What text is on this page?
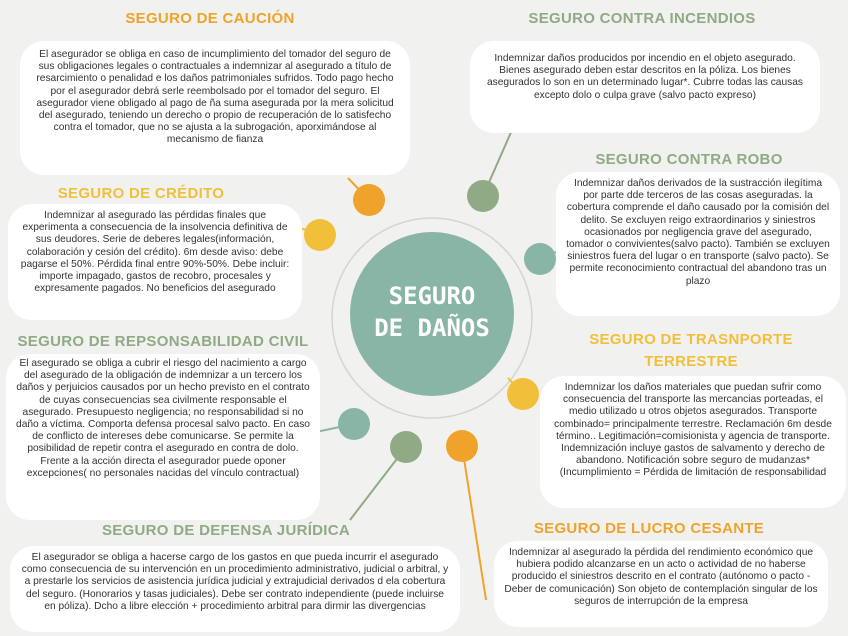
SEGURO
DE DAÑOS
SEGURO DE CAUCIÓN
El asegurador se obliga en caso de incumplimiento del tomador del seguro de sus obligaciones legales o contractuales a indemnizar al asegurado a título de resarcimiento o penalidad e los daños patrimoniales sufridos. Todo pago hecho por el asegurador debrá serle reembolsado por el tomador del seguro. El asegurador viene obligado al pago de ña suma asegurada por la mera solicitud del asegurado, teniendo un derecho o propio de recuperación de lo satisfecho contra el tomador, que no se ajusta a la subrogación, aporximándose al mecanismo de fianza
SEGURO CONTRA INCENDIOS
Indemnizar daños producidos por incendio en el objeto asegurado. Bienes asegurado deben estar descritos en la póliza. Los bienes asegurados lo son en un determinado lugar*. Cubrre todas las causas excepto dolo o culpa grave (salvo pacto expreso)
SEGURO DE CRÉDITO
Indemnizar al asegurado las pérdidas finales que experimenta a consecuencia de la insolvencia definitiva de sus deudores. Serie de deberes legales(información, colaboración y cesión del crédito). 6m desde aviso: debe pagarse el 50%. Pérdida final entre 90%-50%. Debe incluir: importe impagado, gastos de recobro, procesales y expresamente pagados. No beneficios del asegurado
SEGURO CONTRA ROBO
Indemnizar daños derivados de la sustracción ilegítima por parte dde terceros de las cosas aseguradas. la cobertura comprende el daño causado por la comisión del delito. Se excluyen reigo extraordinarios y siniestros ocasionados por negligencia grave del asegurado, tomador o convivientes(salvo pacto). También se excluyen siniestros fuera del lugar o en transporte (salvo pacto). Se permite reconocimiento contractual del abandono tras un plazo
SEGURO DE REPSONSABILIDAD CIVIL
El asegurado se obliga a cubrir el riesgo del nacimiento a cargo del asegurado de la obligación de indemnizar a un tercero los daños y perjuicios causados por un hecho previsto en el contrato de cuyas consecuencias sea civilmente responsable el asegurado. Presupuesto negligencia; no responsabilidad si no daño a víctima. Comporta defensa procesal salvo pacto. En caso de conflicto de intereses debe comunicarse. Se permite la posibilidad de repetir contra el asegurado en contra de dolo. Frente a la acción directa el asegurador puede oponer excepciones( no personales nacidas del vínculo contractual)
SEGURO DE TRASNPORTE
TERRESTRE
Indemnizar los daños materiales que puedan sufrir como consecuencia del transporte las mercancias porteadas, el medio utilizado u otros objetos asegurados. Transporte combinado= principalmente terrestre. Reclamación 6m desde término.. Legitimación=comisionista y agencia de transporte. Indemnización incluye gastos de salvamento y derecho de abandono. Notificación sobre seguro de mudanzas* (Incumplimiento = Pérdida de limitación de responsabilidad
SEGURO DE DEFENSA JURÍDICA
El asegurador se obliga a hacerse cargo de los gastos en que pueda incurrir el asegurado como consecuencia de su intervención en un procedimiento administrativo, judicial o arbitral, y a prestarle los servicios de asistencia jurídica judicial y extrajudicial derivados d ela cobertura del seguro. (Honorarios y tasas judiciales). Debe ser contrato independiente (puede incluirse en póliza). Dcho a libre elección + procedimiento arbitral para dirmir las divergencias
SEGURO DE LUCRO CESANTE
Indemnizar al asegurado la pérdida del rendimiento económico que hubiera podido alcanzarse en un acto o actividad de no haberse producido el siniestros descrito en el contrato (autónomo o pacto - Deber de comunicación) Son objeto de contemplación singular de los seguros de interrupción de la empresa
